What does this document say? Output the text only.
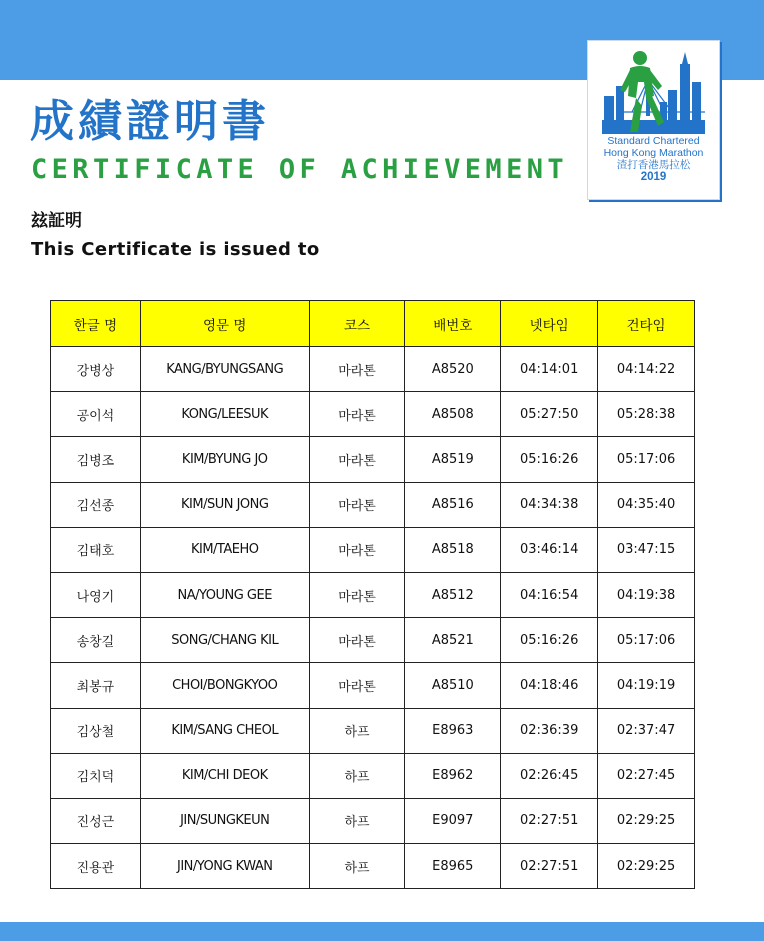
成績證明書
CERTIFICATE OF ACHIEVEMENT
玆証明
This Certificate is issued to
Standard Chartered
Hong Kong Marathon
渣打香港馬拉松
2019
한글 명	영문 명	코스	배번호	넷타임	건타임
강병상	KANG/BYUNGSANG	마라톤	A8520	04:14:01	04:14:22
공이석	KONG/LEESUK	마라톤	A8508	05:27:50	05:28:38
김병조	KIM/BYUNG JO	마라톤	A8519	05:16:26	05:17:06
김선종	KIM/SUN JONG	마라톤	A8516	04:34:38	04:35:40
김태호	KIM/TAEHO	마라톤	A8518	03:46:14	03:47:15
나영기	NA/YOUNG GEE	마라톤	A8512	04:16:54	04:19:38
송창길	SONG/CHANG KIL	마라톤	A8521	05:16:26	05:17:06
최봉규	CHOI/BONGKYOO	마라톤	A8510	04:18:46	04:19:19
김상철	KIM/SANG CHEOL	하프	E8963	02:36:39	02:37:47
김치덕	KIM/CHI DEOK	하프	E8962	02:26:45	02:27:45
진성근	JIN/SUNGKEUN	하프	E9097	02:27:51	02:29:25
진용관	JIN/YONG KWAN	하프	E8965	02:27:51	02:29:25
